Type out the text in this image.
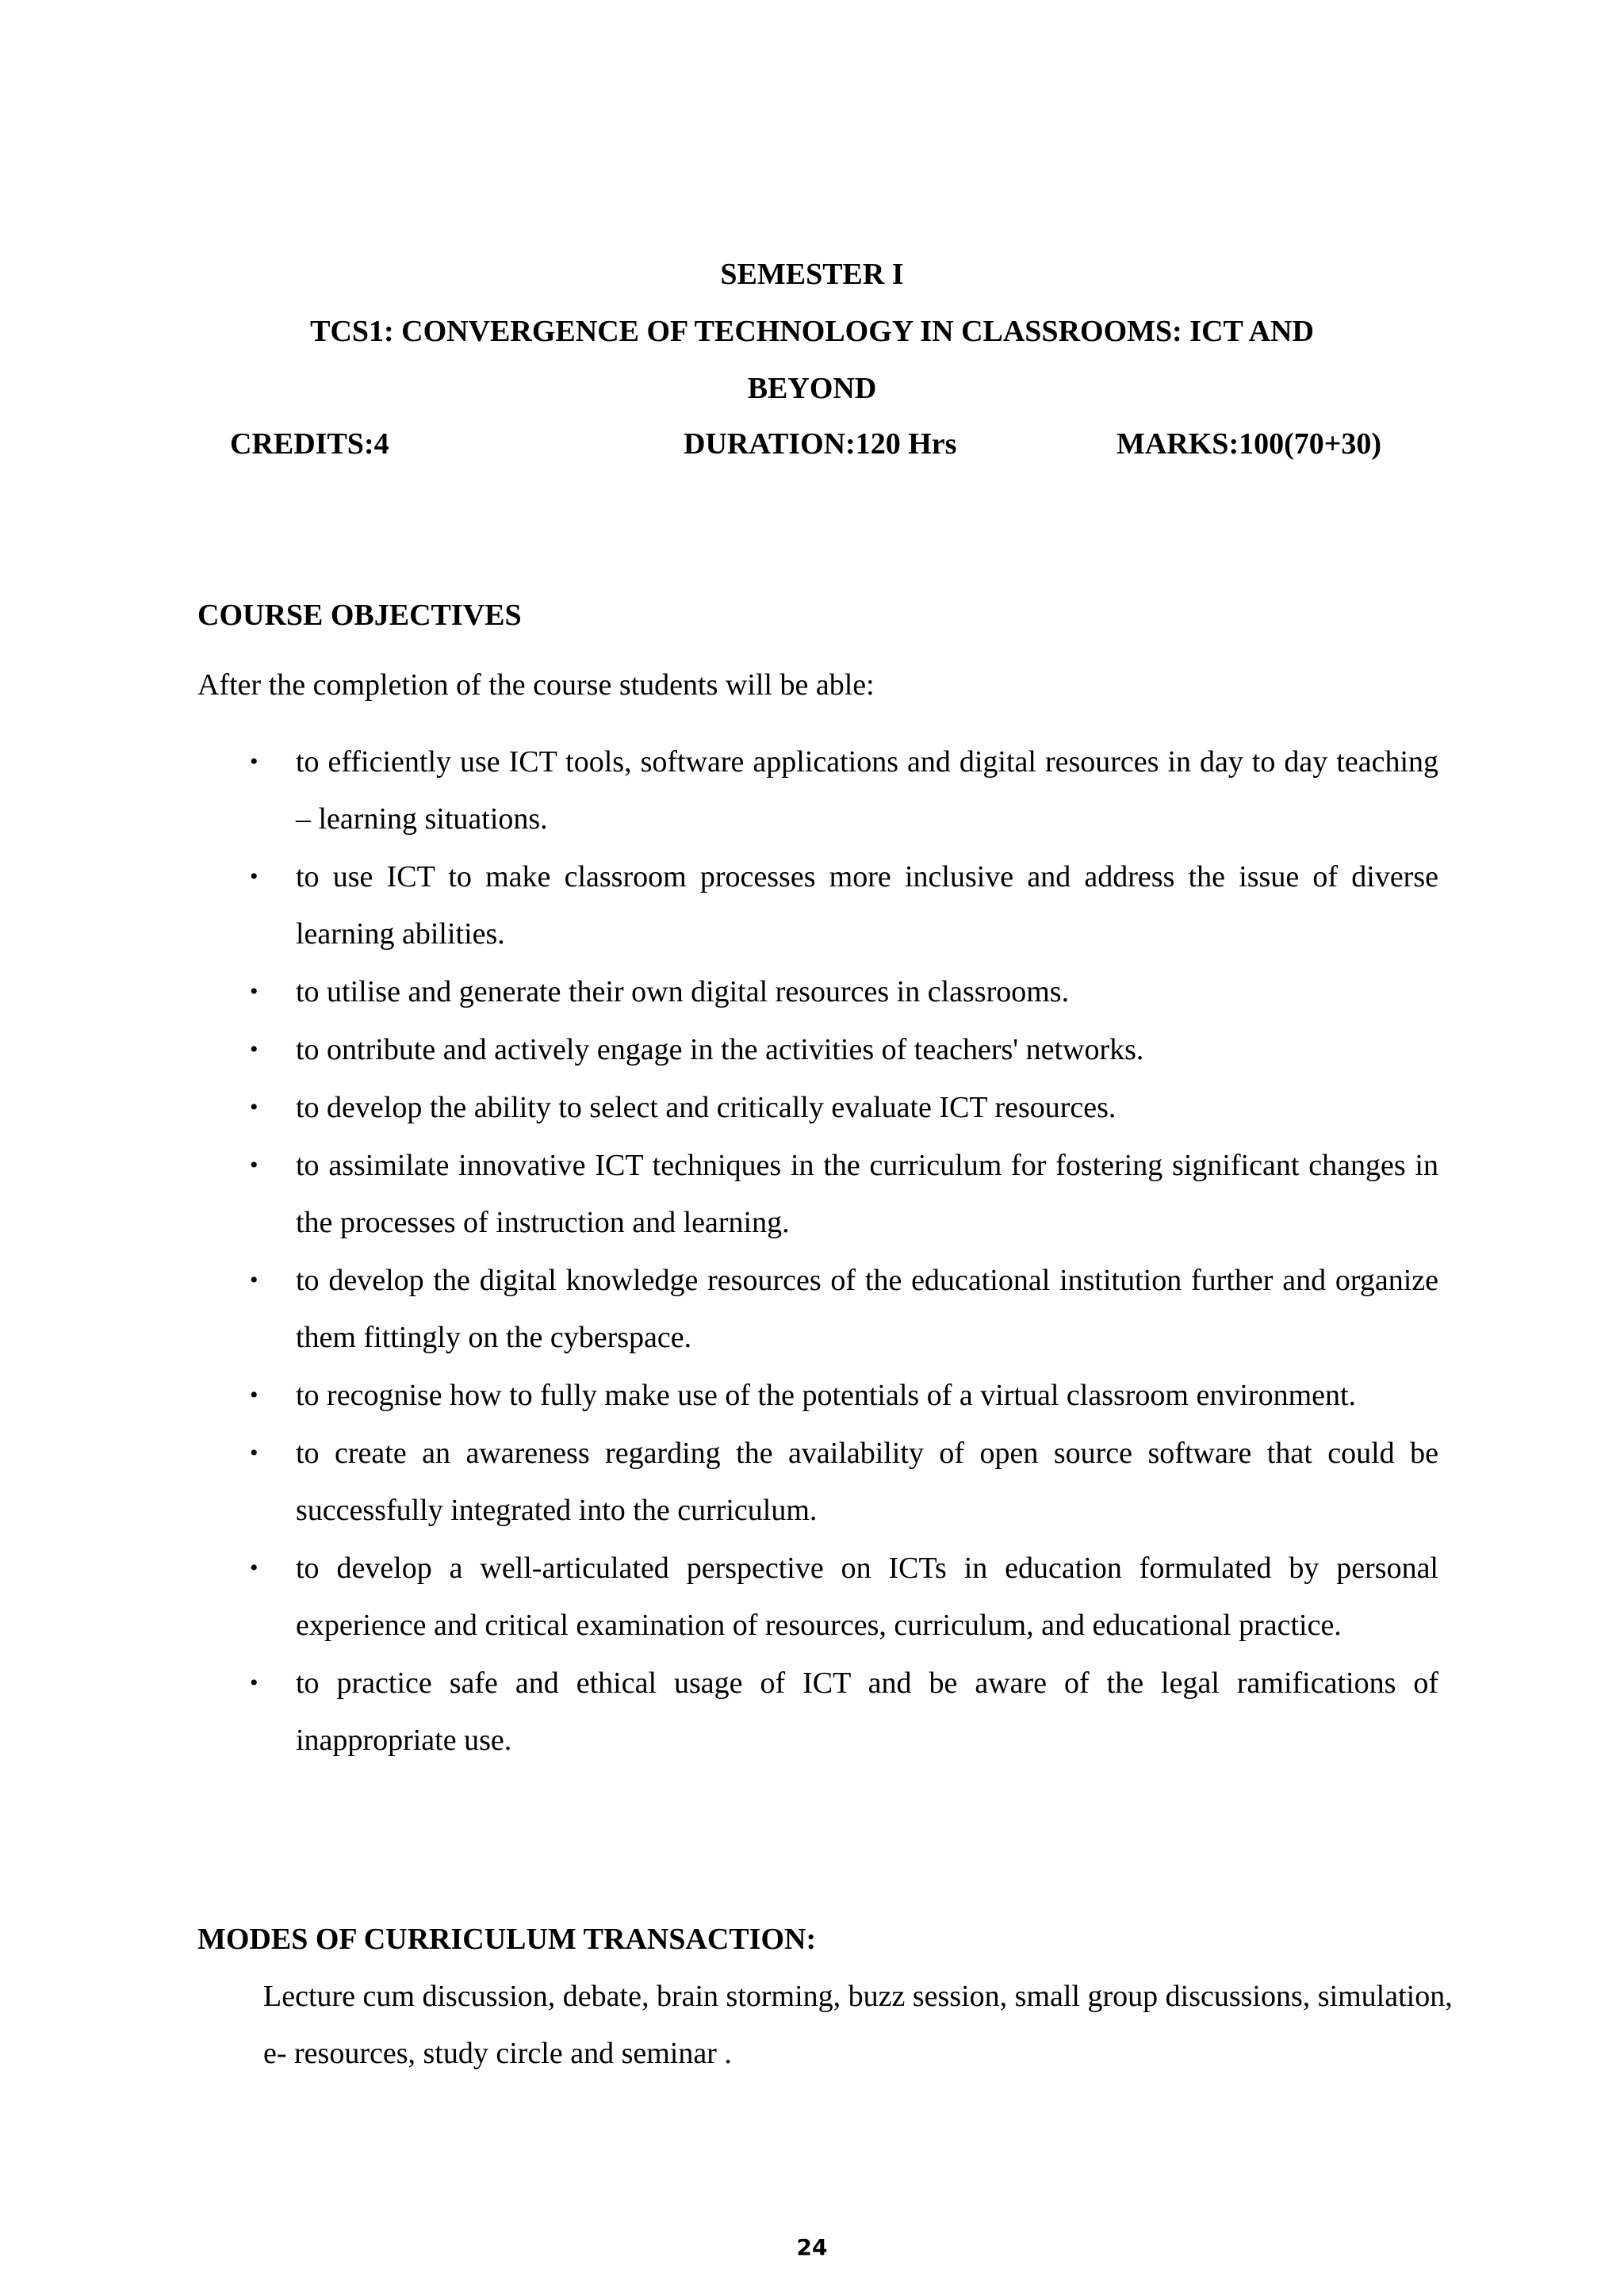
SEMESTER I
TCS1: CONVERGENCE OF TECHNOLOGY IN CLASSROOMS: ICT AND
BEYOND
CREDITS:4	DURATION:120 Hrs	MARKS:100(70+30)
COURSE OBJECTIVES
After the completion of the course students will be able:
• to efficiently use ICT tools, software applications and digital resources in day to day teaching – learning situations.
• to use ICT to make classroom processes more inclusive and address the issue of diverse learning abilities.
• to utilise and generate their own digital resources in classrooms.
• to ontribute and actively engage in the activities of teachers' networks.
• to develop the ability to select and critically evaluate ICT resources.
• to assimilate innovative ICT techniques in the curriculum for fostering significant changes in the processes of instruction and learning.
• to develop the digital knowledge resources of the educational institution further and organize them fittingly on the cyberspace.
• to recognise how to fully make use of the potentials of a virtual classroom environment.
• to create an awareness regarding the availability of open source software that could be successfully integrated into the curriculum.
• to develop a well-articulated perspective on ICTs in education formulated by personal experience and critical examination of resources, curriculum, and educational practice.
• to practice safe and ethical usage of ICT and be aware of the legal ramifications of inappropriate use.
MODES OF CURRICULUM TRANSACTION:
Lecture cum discussion, debate, brain storming, buzz session, small group discussions, simulation, e- resources, study circle and seminar .
24
